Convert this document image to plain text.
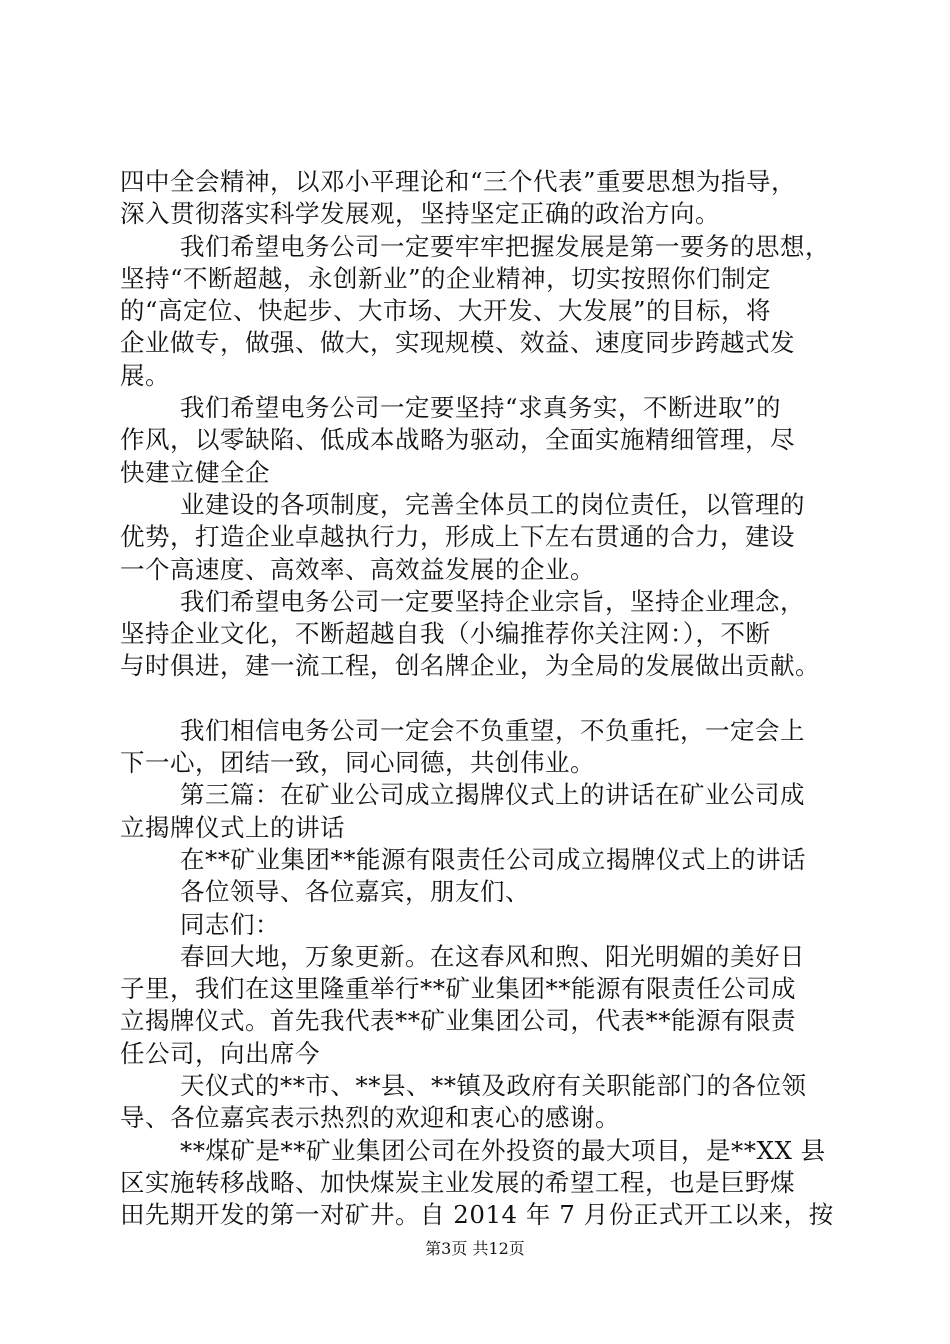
四中全会精神，以邓小平理论和“三个代表”重要思想为指导，
深入贯彻落实科学发展观，坚持坚定正确的政治方向。
我们希望电务公司一定要牢牢把握发展是第一要务的思想，
坚持“不断超越，永创新业”的企业精神，切实按照你们制定
的“高定位、快起步、大市场、大开发、大发展”的目标，将
企业做专，做强、做大，实现规模、效益、速度同步跨越式发
展。
我们希望电务公司一定要坚持“求真务实，不断进取”的
作风，以零缺陷、低成本战略为驱动，全面实施精细管理，尽
快建立健全企
业建设的各项制度，完善全体员工的岗位责任，以管理的
优势，打造企业卓越执行力，形成上下左右贯通的合力，建设
一个高速度、高效率、高效益发展的企业。
我们希望电务公司一定要坚持企业宗旨，坚持企业理念，
坚持企业文化，不断超越自我（小编推荐你关注网：），不断
与时俱进，建一流工程，创名牌企业，为全局的发展做出贡献。
我们相信电务公司一定会不负重望，不负重托，一定会上
下一心，团结一致，同心同德，共创伟业。
第三篇：在矿业公司成立揭牌仪式上的讲话在矿业公司成
立揭牌仪式上的讲话
在**矿业集团**能源有限责任公司成立揭牌仪式上的讲话
各位领导、各位嘉宾，朋友们、
同志们：
春回大地，万象更新。在这春风和煦、阳光明媚的美好日
子里，我们在这里隆重举行**矿业集团**能源有限责任公司成
立揭牌仪式。首先我代表**矿业集团公司，代表**能源有限责
任公司，向出席今
天仪式的**市、**县、**镇及政府有关职能部门的各位领
导、各位嘉宾表示热烈的欢迎和衷心的感谢。
**煤矿是**矿业集团公司在外投资的最大项目，是**XX 县
区实施转移战略、加快煤炭主业发展的希望工程，也是巨野煤
田先期开发的第一对矿井。自 2014 年 7 月份正式开工以来，按
第3页 共12页
